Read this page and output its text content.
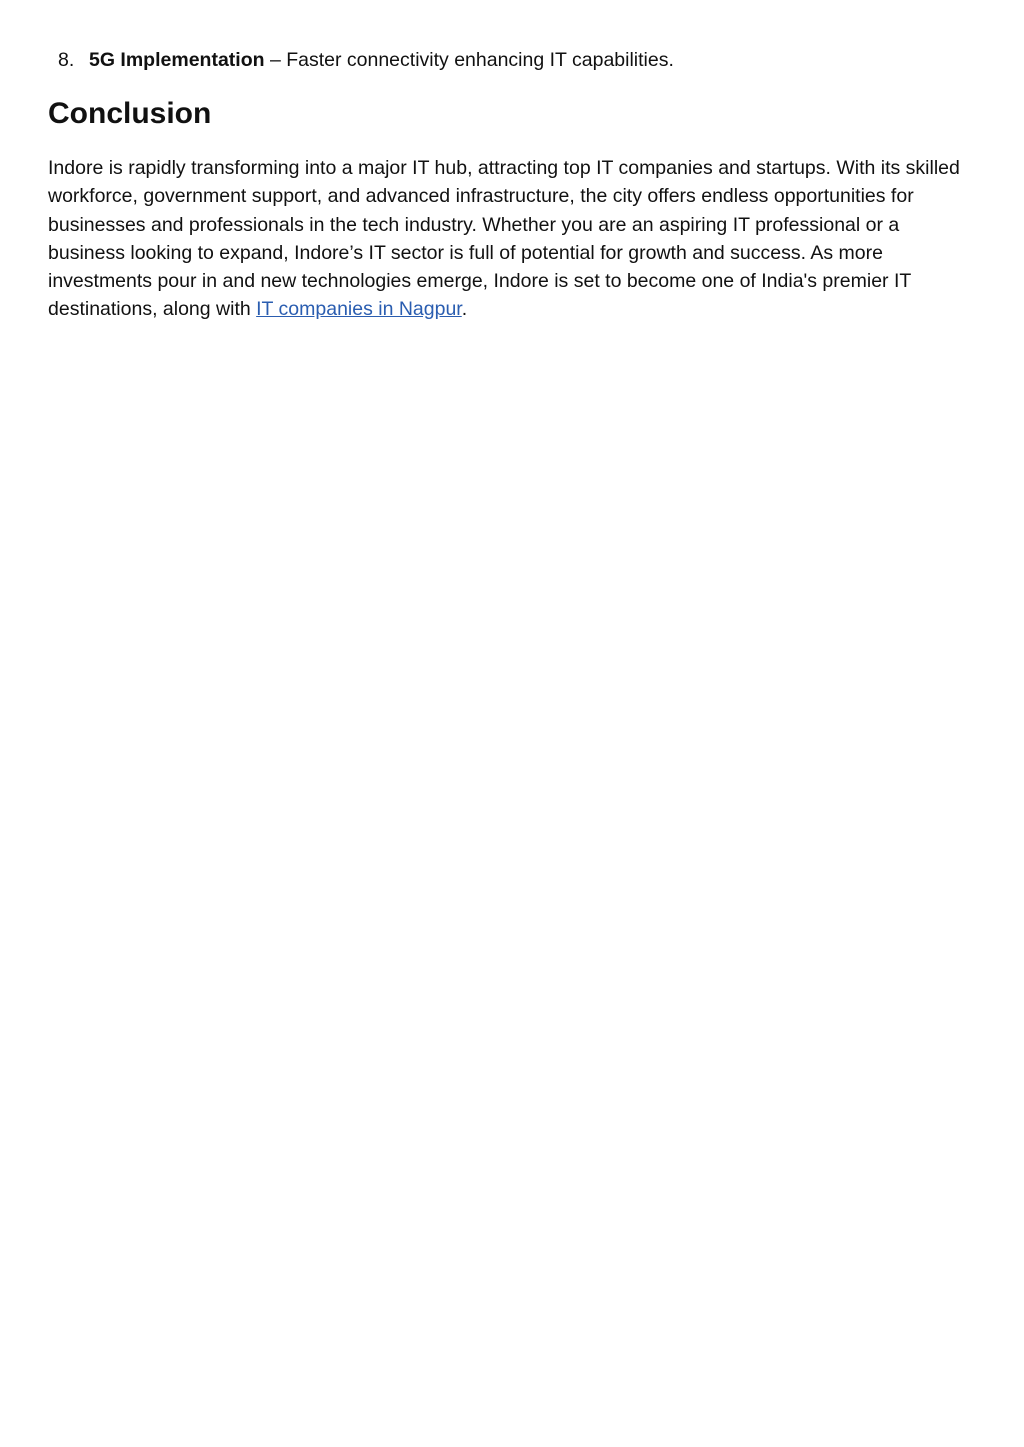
8. 5G Implementation – Faster connectivity enhancing IT capabilities.
Conclusion

Indore is rapidly transforming into a major IT hub, attracting top IT companies and startups. With its skilled workforce, government support, and advanced infrastructure, the city offers endless opportunities for businesses and professionals in the tech industry. Whether you are an aspiring IT professional or a business looking to expand, Indore’s IT sector is full of potential for growth and success. As more investments pour in and new technologies emerge, Indore is set to become one of India's premier IT destinations, along with IT companies in Nagpur.
